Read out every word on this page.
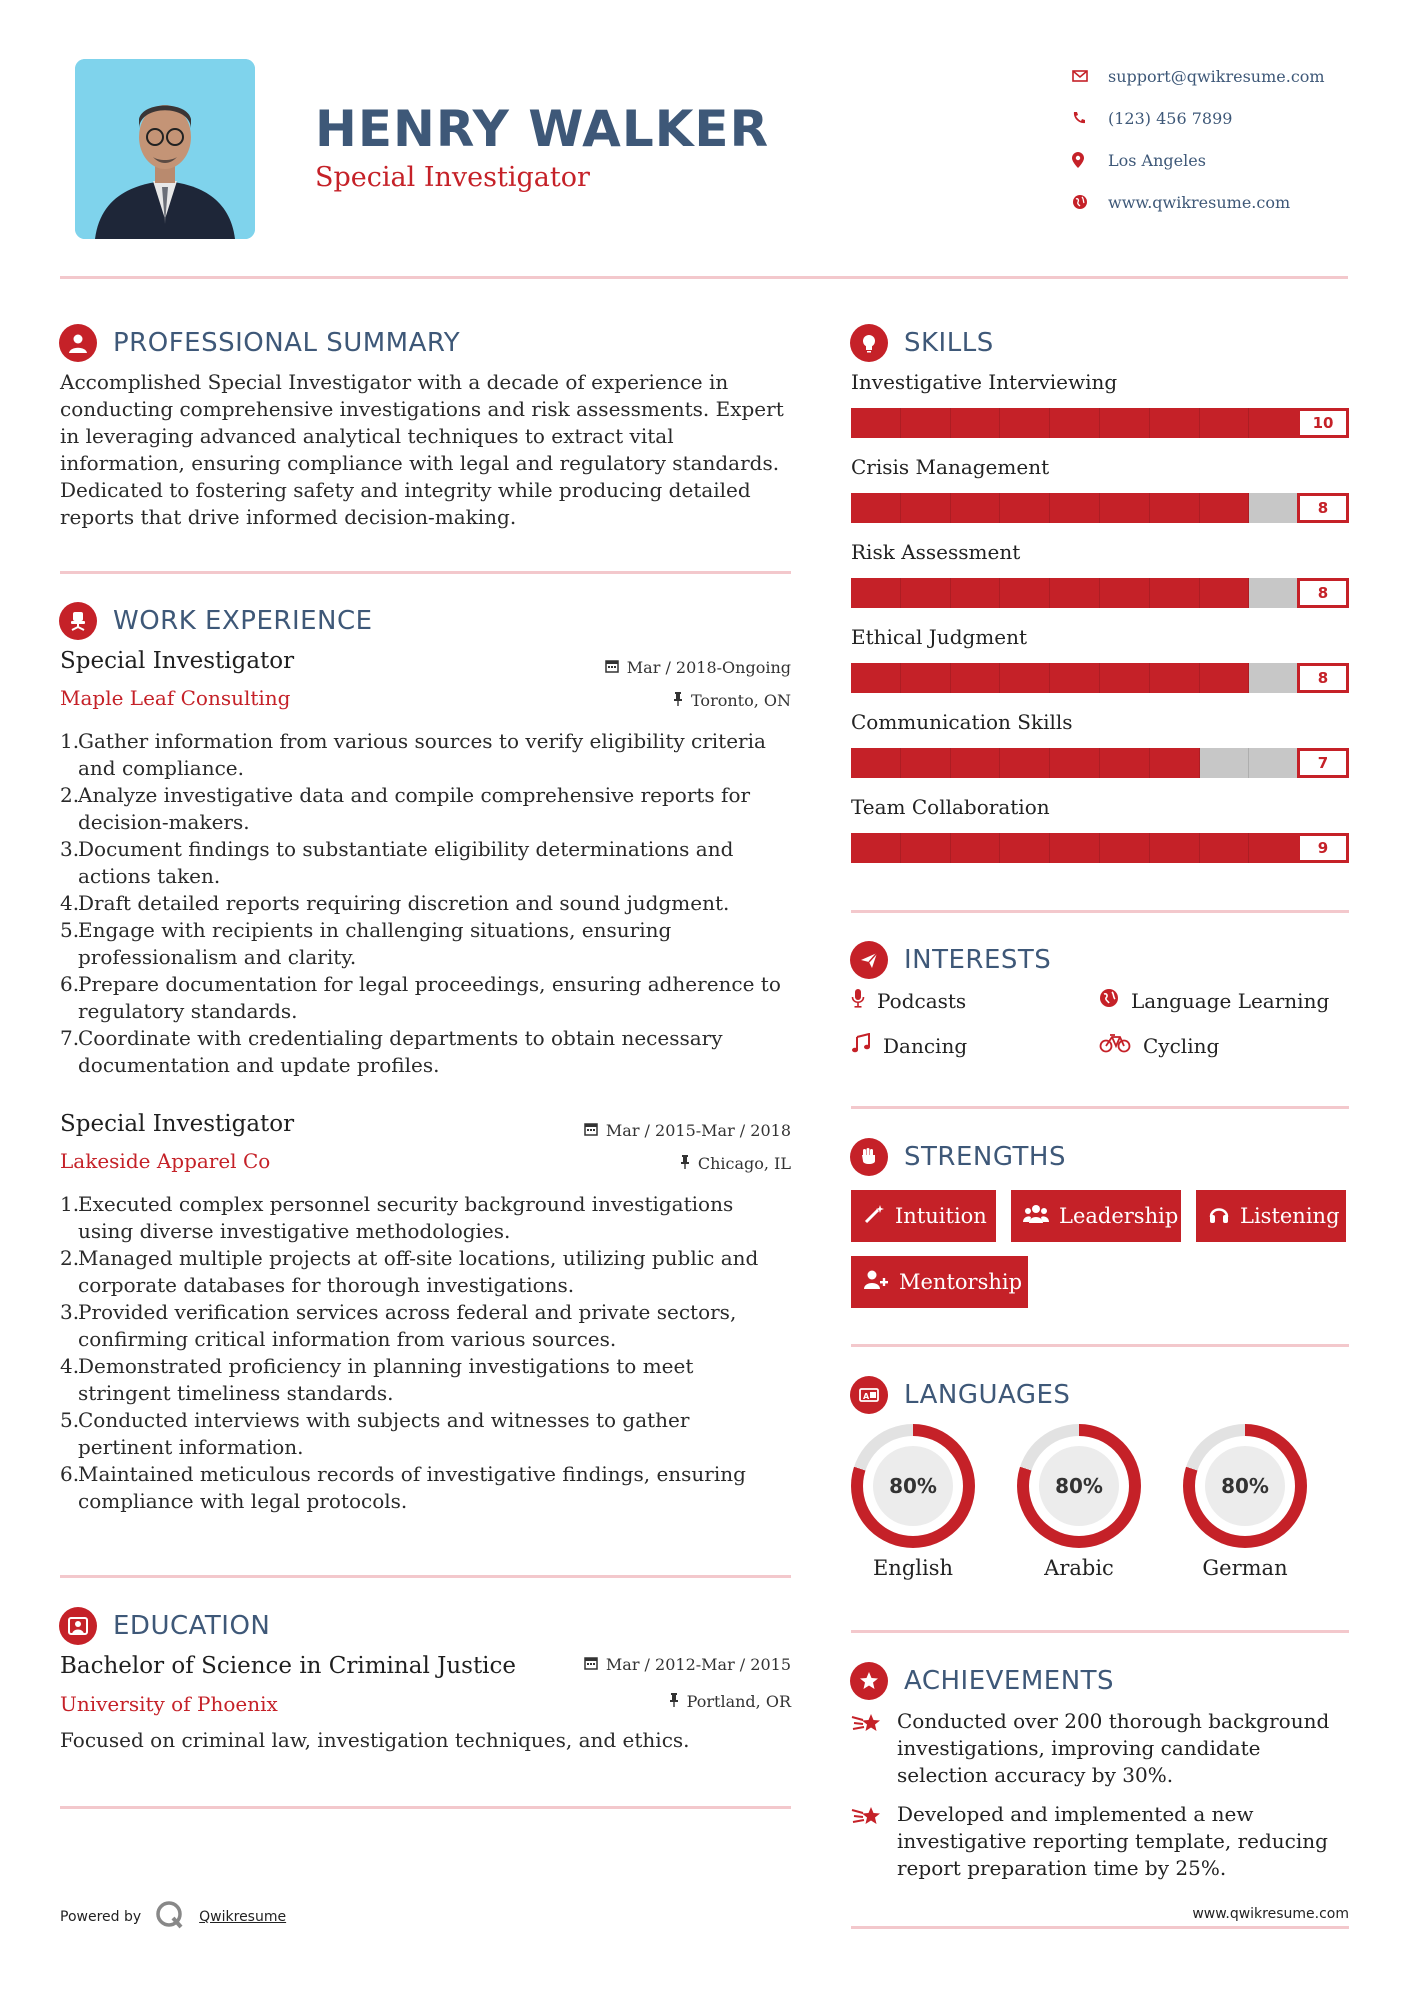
HENRY WALKER
Special Investigator
support@qwikresume.com
(123) 456 7899
Los Angeles
www.qwikresume.com
PROFESSIONAL SUMMARY
Accomplished Special Investigator with a decade of experience in conducting comprehensive investigations and risk assessments. Expert in leveraging advanced analytical techniques to extract vital information, ensuring compliance with legal and regulatory standards. Dedicated to fostering safety and integrity while producing detailed reports that drive informed decision-making.
WORK EXPERIENCE
Special Investigator	Mar / 2018-Ongoing
Maple Leaf Consulting	Toronto, ON
1.
Gather information from various sources to verify eligibility criteria and compliance.
2.
Analyze investigative data and compile comprehensive reports for decision-makers.
3.
Document findings to substantiate eligibility determinations and actions taken.
4.
Draft detailed reports requiring discretion and sound judgment.
5.
Engage with recipients in challenging situations, ensuring professionalism and clarity.
6.
Prepare documentation for legal proceedings, ensuring adherence to regulatory standards.
7.
Coordinate with credentialing departments to obtain necessary documentation and update profiles.
Special Investigator	Mar / 2015-Mar / 2018
Lakeside Apparel Co	Chicago, IL
1.
Executed complex personnel security background investigations using diverse investigative methodologies.
2.
Managed multiple projects at off-site locations, utilizing public and corporate databases for thorough investigations.
3.
Provided verification services across federal and private sectors, confirming critical information from various sources.
4.
Demonstrated proficiency in planning investigations to meet stringent timeliness standards.
5.
Conducted interviews with subjects and witnesses to gather pertinent information.
6.
Maintained meticulous records of investigative findings, ensuring compliance with legal protocols.
EDUCATION
Bachelor of Science in Criminal Justice	Mar / 2012-Mar / 2015
University of Phoenix	Portland, OR
Focused on criminal law, investigation techniques, and ethics.
SKILLS
Investigative Interviewing
10
Crisis Management
8
Risk Assessment
8
Ethical Judgment
8
Communication Skills
7
Team Collaboration
9
INTERESTS
Podcasts	Language Learning
Dancing	Cycling
STRENGTHS
Intuition	Leadership	Listening
Mentorship
A LANGUAGES
80%
English
80%
Arabic
80%
German
ACHIEVEMENTS
Conducted over 200 thorough background investigations, improving candidate selection accuracy by 30%.
Developed and implemented a new investigative reporting template, reducing report preparation time by 25%.
Powered by	Qwikresume	www.qwikresume.com
